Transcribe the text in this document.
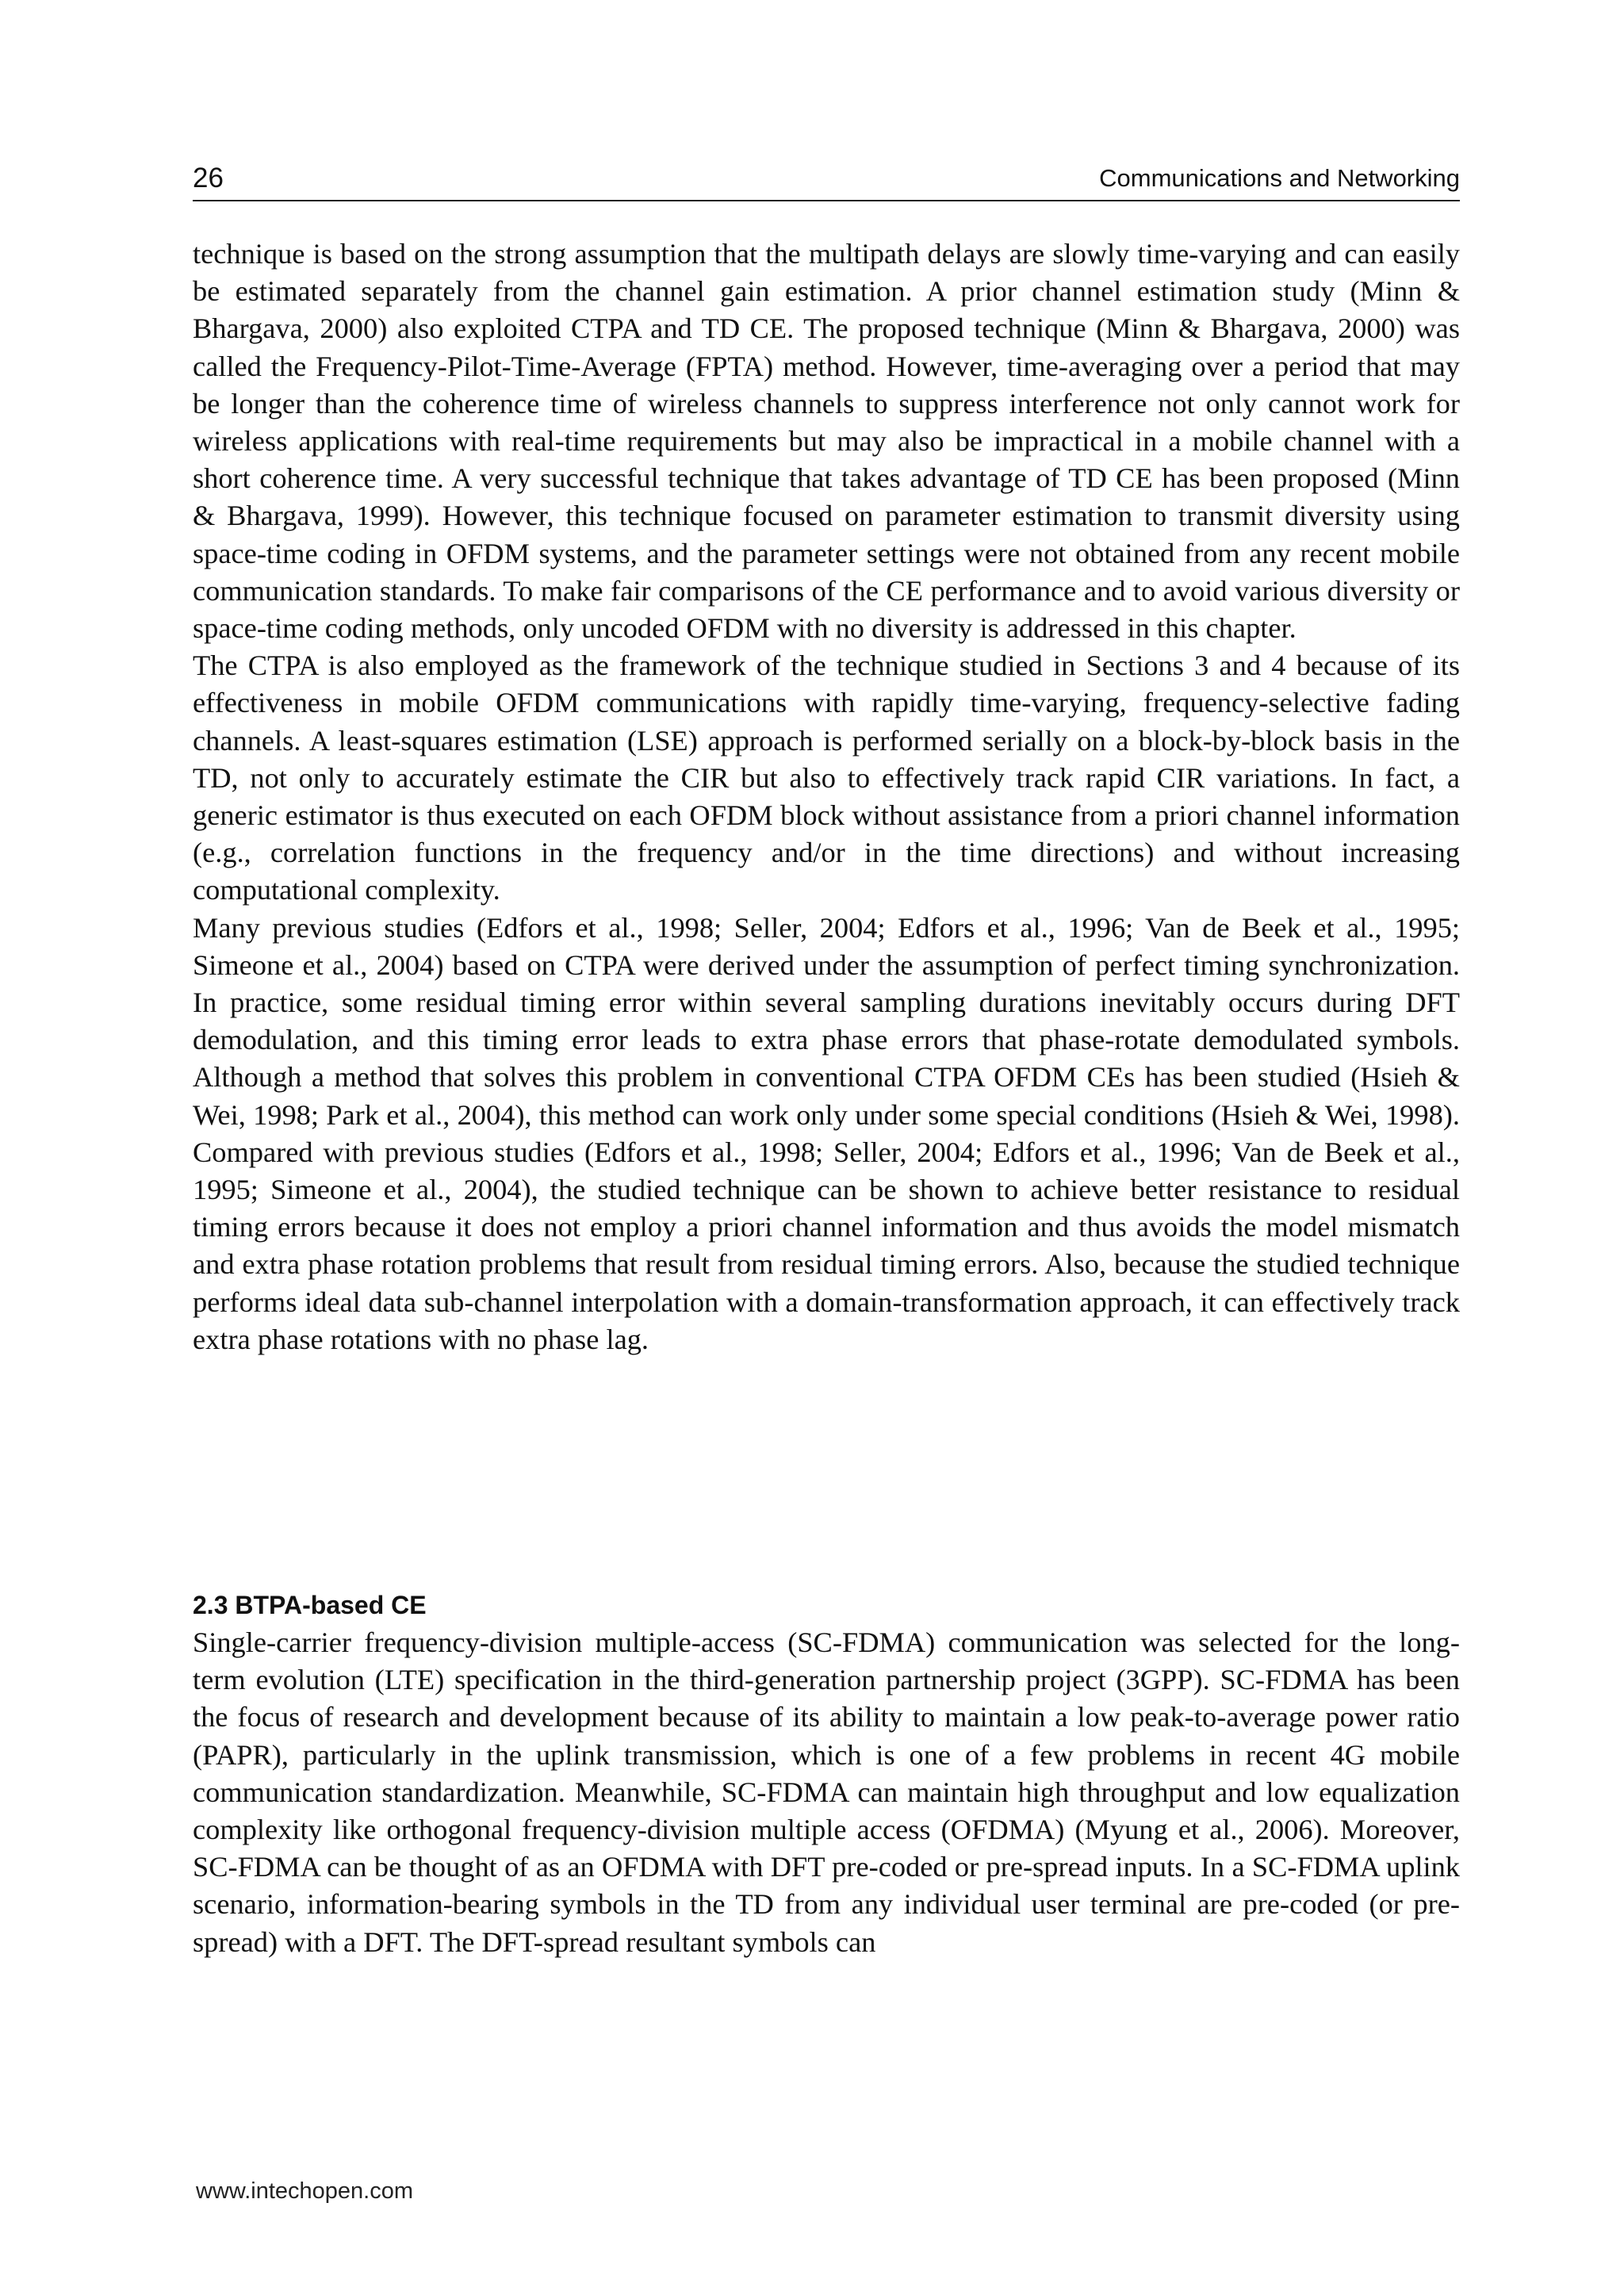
26	Communications and Networking

technique is based on the strong assumption that the multipath delays are slowly time-varying and can easily be estimated separately from the channel gain estimation. A prior channel estimation study (Minn & Bhargava, 2000) also exploited CTPA and TD CE. The proposed technique (Minn & Bhargava, 2000) was called the Frequency-Pilot-Time-Average (FPTA) method. However, time-averaging over a period that may be longer than the coherence time of wireless channels to suppress interference not only cannot work for wireless applications with real-time requirements but may also be impractical in a mobile channel with a short coherence time. A very successful technique that takes advantage of TD CE has been proposed (Minn & Bhargava, 1999). However, this technique focused on parameter estimation to transmit diversity using space-time coding in OFDM systems, and the parameter settings were not obtained from any recent mobile communication standards. To make fair comparisons of the CE performance and to avoid various diversity or space-time coding methods, only uncoded OFDM with no diversity is addressed in this chapter.

The CTPA is also employed as the framework of the technique studied in Sections 3 and 4 because of its effectiveness in mobile OFDM communications with rapidly time-varying, frequency-selective fading channels. A least-squares estimation (LSE) approach is performed serially on a block-by-block basis in the TD, not only to accurately estimate the CIR but also to effectively track rapid CIR variations. In fact, a generic estimator is thus executed on each OFDM block without assistance from a priori channel information (e.g., correlation functions in the frequency and/or in the time directions) and without increasing computational complexity.

Many previous studies (Edfors et al., 1998; Seller, 2004; Edfors et al., 1996; Van de Beek et al., 1995; Simeone et al., 2004) based on CTPA were derived under the assumption of perfect timing synchronization. In practice, some residual timing error within several sampling durations inevitably occurs during DFT demodulation, and this timing error leads to extra phase errors that phase-rotate demodulated symbols. Although a method that solves this problem in conventional CTPA OFDM CEs has been studied (Hsieh & Wei, 1998; Park et al., 2004), this method can work only under some special conditions (Hsieh & Wei, 1998). Compared with previous studies (Edfors et al., 1998; Seller, 2004; Edfors et al., 1996; Van de Beek et al., 1995; Simeone et al., 2004), the studied technique can be shown to achieve better resistance to residual timing errors because it does not employ a priori channel information and thus avoids the model mismatch and extra phase rotation problems that result from residual timing errors. Also, because the studied technique performs ideal data sub-channel interpolation with a domain-transformation approach, it can effectively track extra phase rotations with no phase lag.

2.3 BTPA-based CE

Single-carrier frequency-division multiple-access (SC-FDMA) communication was selected for the long-term evolution (LTE) specification in the third-generation partnership project (3GPP). SC-FDMA has been the focus of research and development because of its ability to maintain a low peak-to-average power ratio (PAPR), particularly in the uplink transmission, which is one of a few problems in recent 4G mobile communication standardization. Meanwhile, SC-FDMA can maintain high throughput and low equalization complexity like orthogonal frequency-division multiple access (OFDMA) (Myung et al., 2006). Moreover, SC-FDMA can be thought of as an OFDMA with DFT pre-coded or pre-spread inputs. In a SC-FDMA uplink scenario, information-bearing symbols in the TD from any individual user terminal are pre-coded (or pre-spread) with a DFT. The DFT-spread resultant symbols can

www.intechopen.com
